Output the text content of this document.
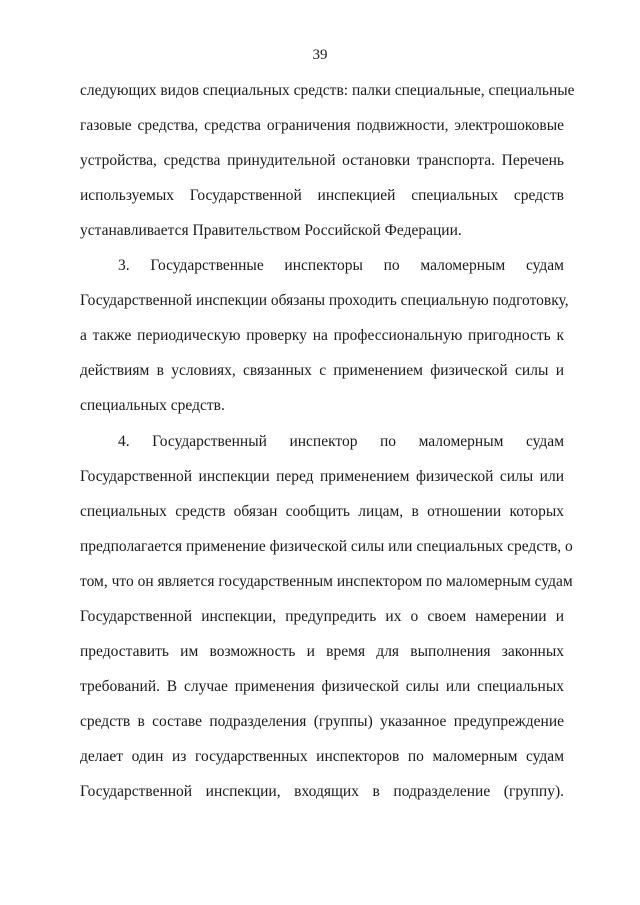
39
следующих видов специальных средств: палки специальные, специальные
газовые средства, средства ограничения подвижности, электрошоковые
устройства, средства принудительной остановки транспорта. Перечень
используемых Государственной инспекцией специальных средств
устанавливается Правительством Российской Федерации.
3. Государственные инспекторы по маломерным судам
Государственной инспекции обязаны проходить специальную подготовку,
а также периодическую проверку на профессиональную пригодность к
действиям в условиях, связанных с применением физической силы и
специальных средств.
4. Государственный инспектор по маломерным судам
Государственной инспекции перед применением физической силы или
специальных средств обязан сообщить лицам, в отношении которых
предполагается применение физической силы или специальных средств, о
том, что он является государственным инспектором по маломерным судам
Государственной инспекции, предупредить их о своем намерении и
предоставить им возможность и время для выполнения законных
требований. В случае применения физической силы или специальных
средств в составе подразделения (группы) указанное предупреждение
делает один из государственных инспекторов по маломерным судам
Государственной инспекции, входящих в подразделение (группу).
